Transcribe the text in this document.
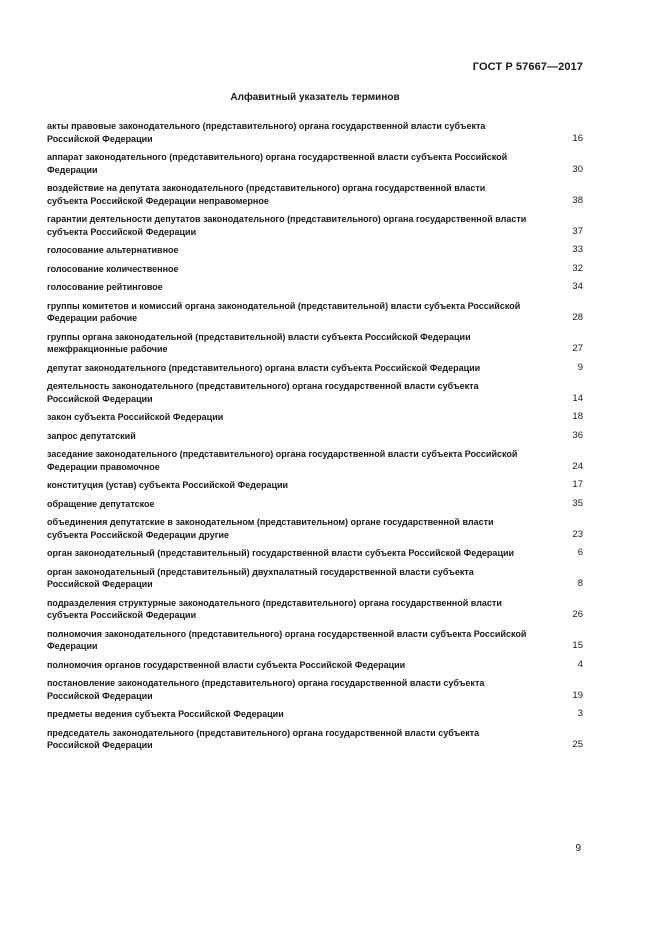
ГОСТ Р 57667—2017
Алфавитный указатель терминов
акты правовые законодательного (представительного) органа государственной власти субъекта Российской Федерации	16
аппарат законодательного (представительного) органа государственной власти субъекта Российской Федерации	30
воздействие на депутата законодательного (представительного) органа государственной власти субъекта Российской Федерации неправомерное	38
гарантии деятельности депутатов законодательного (представительного) органа государственной власти субъекта Российской Федерации	37
голосование альтернативное	33
голосование количественное	32
голосование рейтинговое	34
группы комитетов и комиссий органа законодательной (представительной) власти субъекта Российской Федерации рабочие	28
группы органа законодательной (представительной) власти субъекта Российской Федерации межфракционные рабочие	27
депутат законодательного (представительного) органа власти субъекта Российской Федерации	9
деятельность законодательного (представительного) органа государственной власти субъекта Российской Федерации	14
закон субъекта Российской Федерации	18
запрос депутатский	36
заседание законодательного (представительного) органа государственной власти субъекта Российской Федерации правомочное	24
конституция (устав) субъекта Российской Федерации	17
обращение депутатское	35
объединения депутатские в законодательном (представительном) органе государственной власти субъекта Российской Федерации другие	23
орган законодательный (представительный) государственной власти субъекта Российской Федерации	6
орган законодательный (представительный) двухпалатный государственной власти субъекта Российской Федерации	8
подразделения структурные законодательного (представительного) органа государственной власти субъекта Российской Федерации	26
полномочия законодательного (представительного) органа государственной власти субъекта Российской Федерации	15
полномочия органов государственной власти субъекта Российской Федерации	4
постановление законодательного (представительного) органа государственной власти субъекта Российской Федерации	19
предметы ведения субъекта Российской Федерации	3
председатель законодательного (представительного) органа государственной власти субъекта Российской Федерации	25
9
